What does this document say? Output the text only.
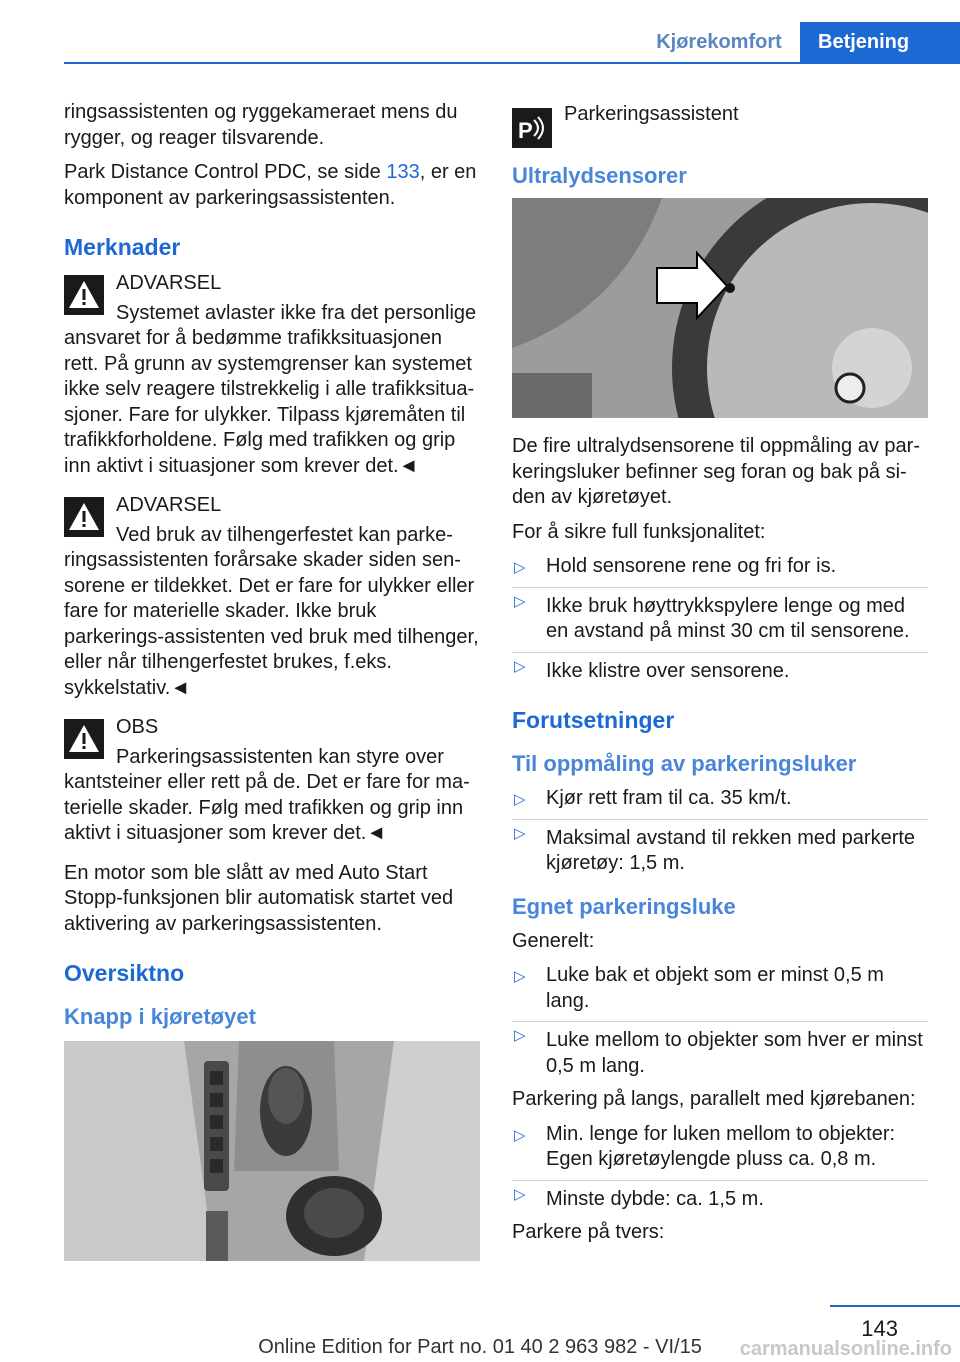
Kjørekomfort	Betjening

ringsassistenten og ryggekameraet mens du rygger, og reager tilsvarende.

Park Distance Control PDC, se side 133, er en komponent av parkeringsassistenten.

Merknader
ADVARSEL
Systemet avlaster ikke fra det personlige ansvaret for å bedømme trafikksituasjonen rett. På grunn av systemgrenser kan systemet ikke selv reagere tilstrekkelig i alle trafikksitua-sjoner. Fare for ulykker. Tilpass kjøremåten til trafikkforholdene. Følg med trafikken og grip inn aktivt i situasjoner som krever det.◄
ADVARSEL
Ved bruk av tilhengerfestet kan parke-ringsassistenten forårsake skader siden sen-sorene er tildekket. Det er fare for ulykker eller fare for materielle skader. Ikke bruk parkerings-assistenten ved bruk med tilhenger, eller når tilhengerfestet brukes, f.eks. sykkelstativ.◄
OBS
Parkeringsassistenten kan styre over kantsteiner eller rett på de. Det er fare for ma-terielle skader. Følg med trafikken og grip inn aktivt i situasjoner som krever det.◄

En motor som ble slått av med Auto Start Stopp-funksjonen blir automatisk startet ved aktivering av parkeringsassistenten.

Oversiktno
Knapp i kjøretøyet
P
Parkeringsassistent
Ultralydsensorer

De fire ultralydsensorene til oppmåling av par-keringsluker befinner seg foran og bak på si-den av kjøretøyet.

For å sikre full funksjonalitet:

▷ Hold sensorene rene og fri for is.
▷ Ikke bruk høyttrykkspylere lenge og med en avstand på minst 30 cm til sensorene.
▷ Ikke klistre over sensorene.
Forutsetninger
Til oppmåling av parkeringsluker
▷ Kjør rett fram til ca. 35 km/t.
▷ Maksimal avstand til rekken med parkerte kjøretøy: 1,5 m.
Egnet parkeringsluke

Generelt:

▷ Luke bak et objekt som er minst 0,5 m lang.
▷ Luke mellom to objekter som hver er minst 0,5 m lang.

Parkering på langs, parallelt med kjørebanen:

▷ Min. lenge for luken mellom to objekter: Egen kjøretøylengde pluss ca. 0,8 m.
▷ Minste dybde: ca. 1,5 m.

Parkere på tvers:

143
Online Edition for Part no. 01 40 2 963 982 - VI/15	carmanualsonline.info
